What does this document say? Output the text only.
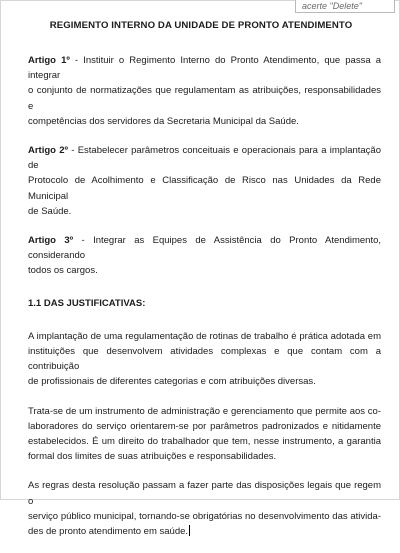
acerte "Delete"
REGIMENTO INTERNO DA UNIDADE DE PRONTO ATENDIMENTO
Artigo 1º - Instituir o Regimento Interno do Pronto Atendimento, que passa a integrar
o conjunto de normatizações que regulamentam as atribuições, responsabilidades e
competências dos servidores da Secretaria Municipal da Saúde.
Artigo 2º - Estabelecer parâmetros conceituais e operacionais para a implantação de
Protocolo de Acolhimento e Classificação de Risco nas Unidades da Rede Municipal
de Saúde.
Artigo 3º - Integrar as Equipes de Assistência do Pronto Atendimento, considerando
todos os cargos.
1.1 DAS JUSTIFICATIVAS:
A implantação de uma regulamentação de rotinas de trabalho é prática adotada em
instituições que desenvolvem atividades complexas e que contam com a contribuição
de profissionais de diferentes categorias e com atribuições diversas.
Trata-se de um instrumento de administração e gerenciamento que permite aos co-
laboradores do serviço orientarem-se por parâmetros padronizados e nitidamente
estabelecidos. É um direito do trabalhador que tem, nesse instrumento, a garantia
formal dos limites de suas atribuições e responsabilidades.
As regras desta resolução passam a fazer parte das disposições legais que regem o
serviço público municipal, tornando-se obrigatórias no desenvolvimento das ativida-
des de pronto atendimento em saúde.
